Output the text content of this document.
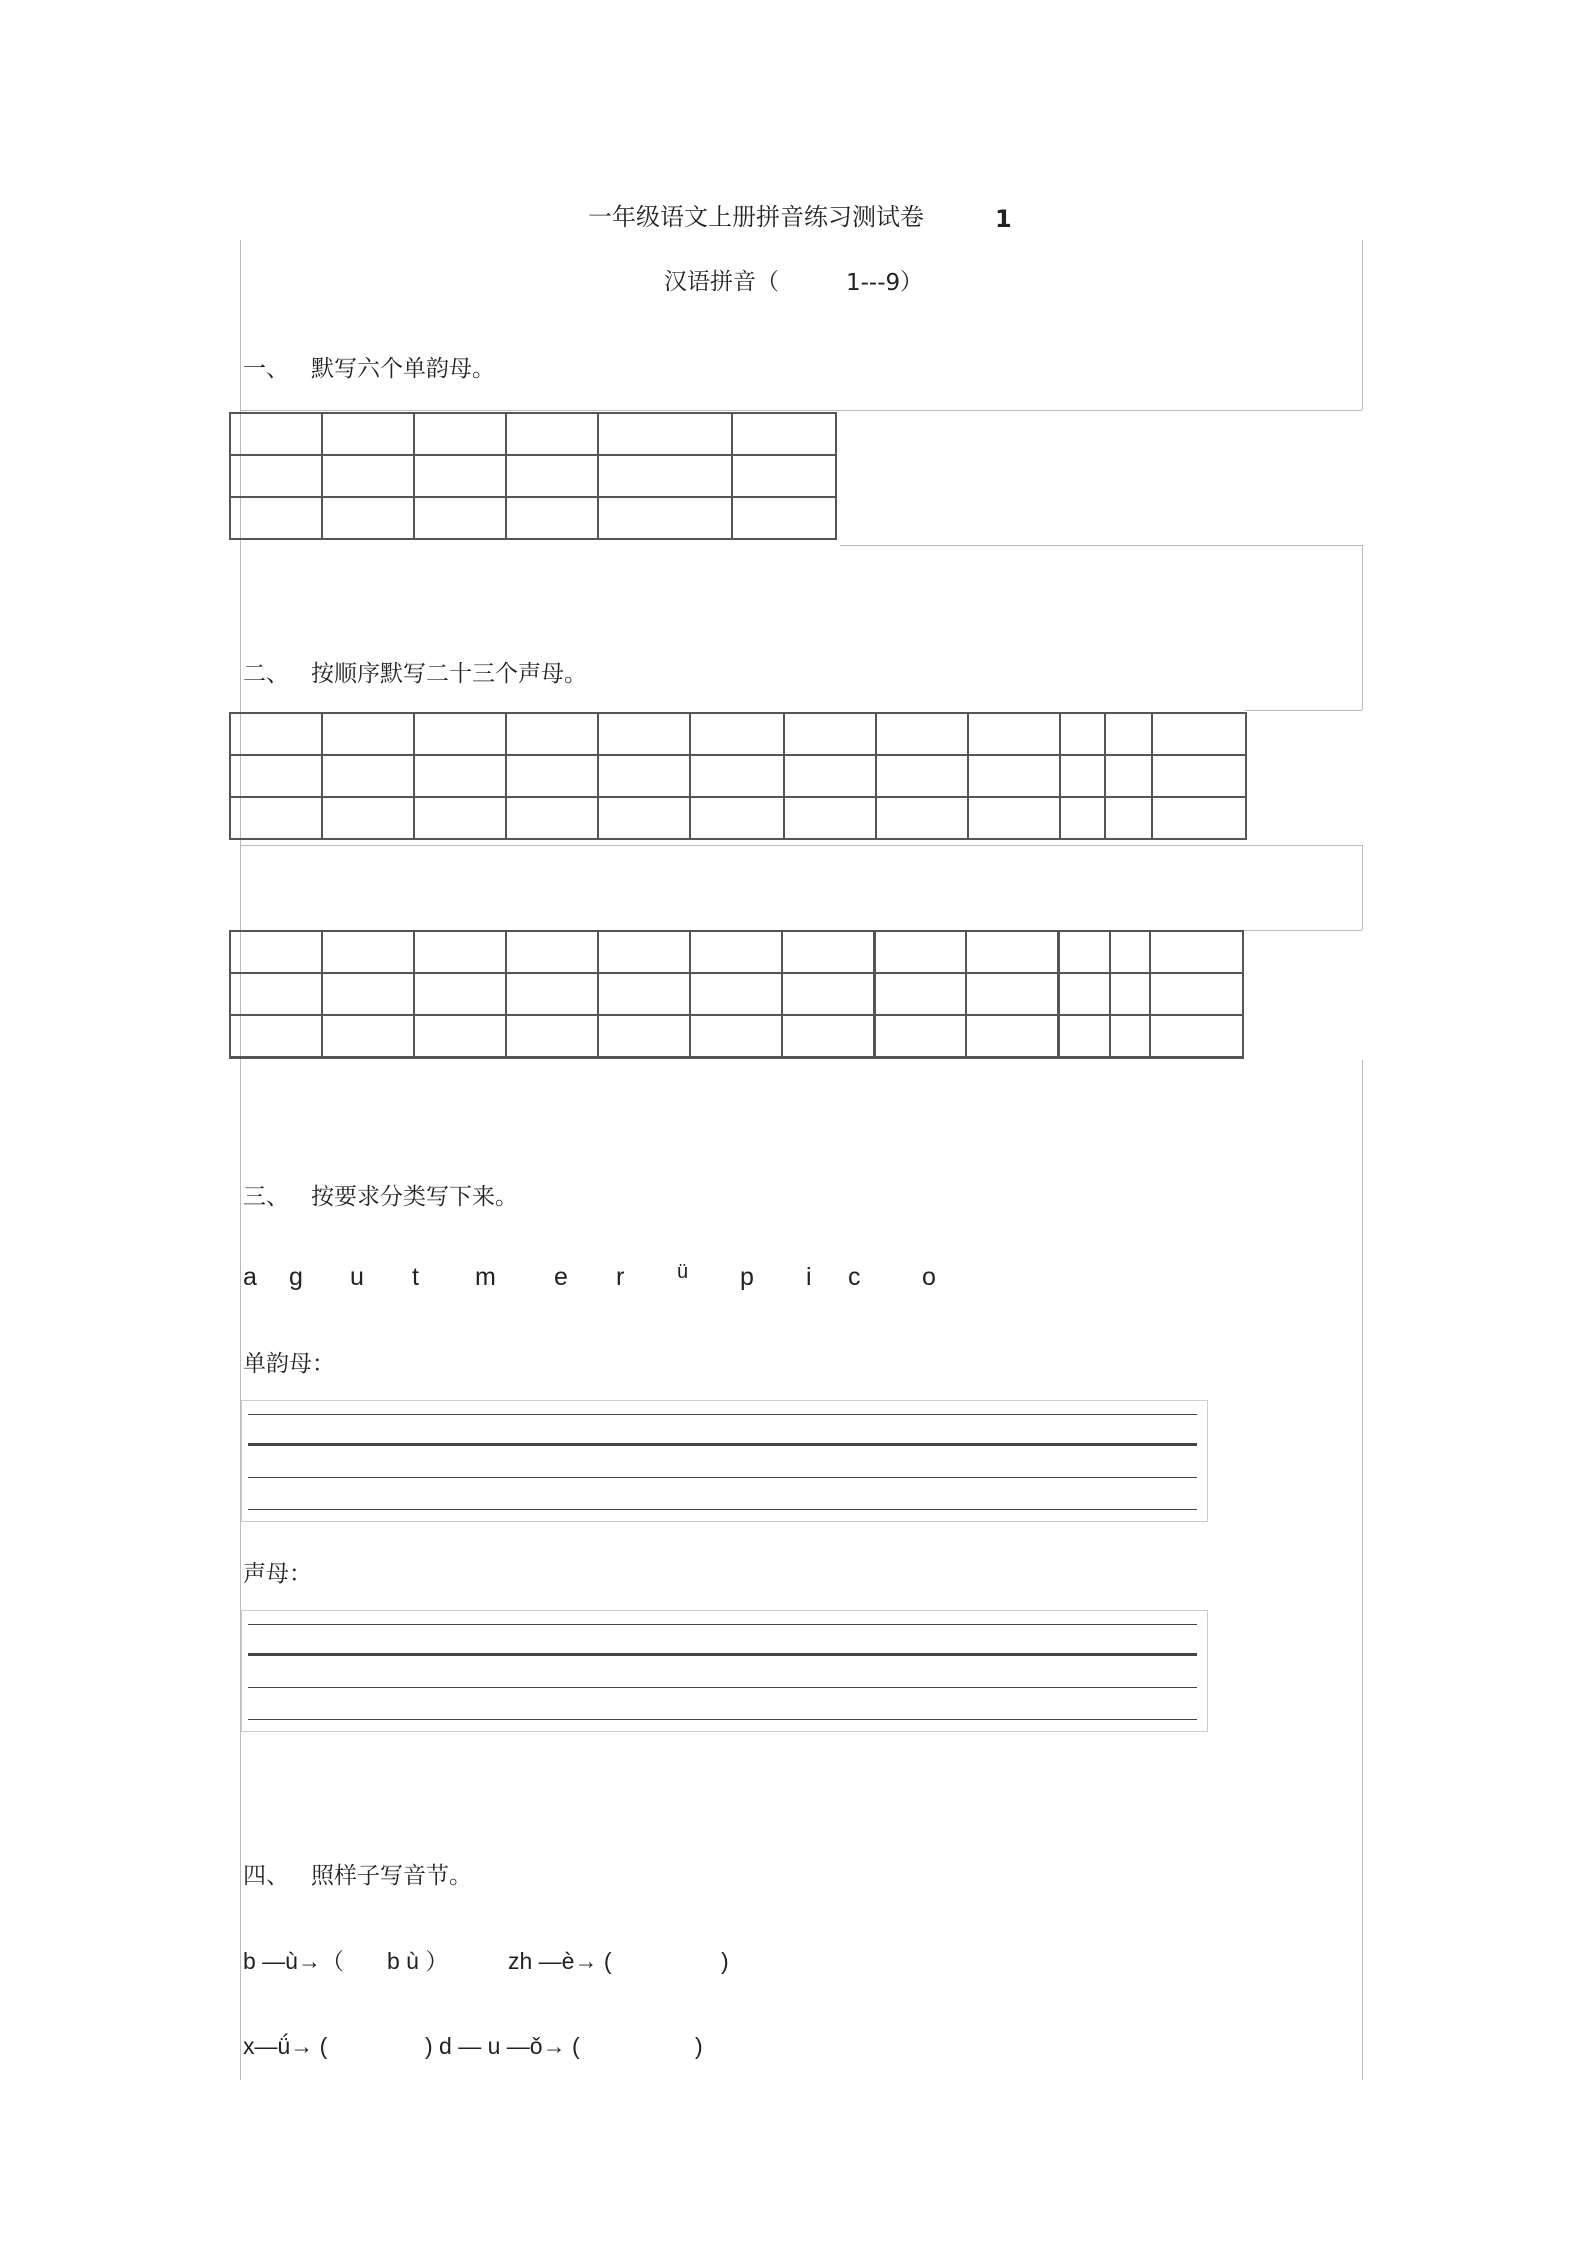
一年级语文上册拼音练习测试卷	1
汉语拼音（	1---9 ）
一、 默写六个单韵母。

二、 按顺序默写二十三个声母。

三、 按要求分类写下来。
a g u t m e r	ü p i c o
单韵母：
声母：
四、 照样子写音节。
b —ù→（ b ù ）	zh —è→ (	)
x—ǘ→ (	) d — u —ǒ→ (	)
